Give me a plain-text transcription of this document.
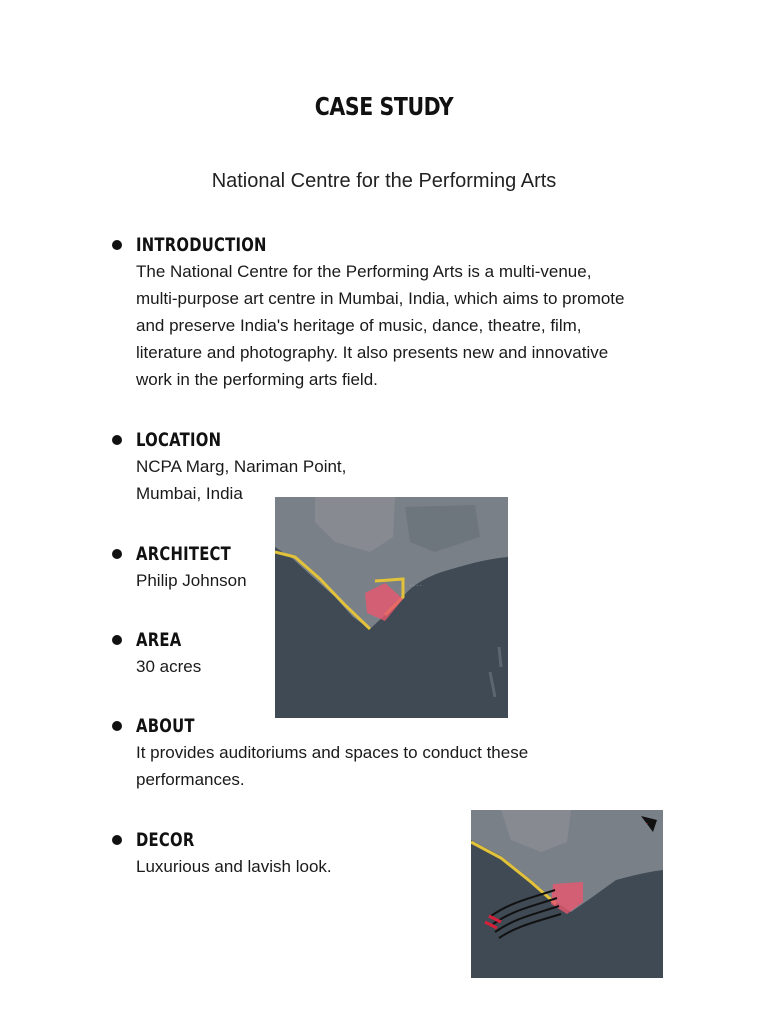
CASE STUDY
National Centre for the Performing Arts
INTRODUCTION
The National Centre for the Performing Arts is a multi-venue,
multi-purpose art centre in Mumbai, India, which aims to promote
and preserve India's heritage of music, dance, theatre, film,
literature and photography. It also presents new and innovative
work in the performing arts field.
LOCATION
NCPA Marg, Nariman Point,
Mumbai, India
ARCHITECT
Philip Johnson
AREA
30 acres
ABOUT
It provides auditoriums and spaces to conduct these
performances.
DECOR
Luxurious and lavish look.
· · · ·
·
